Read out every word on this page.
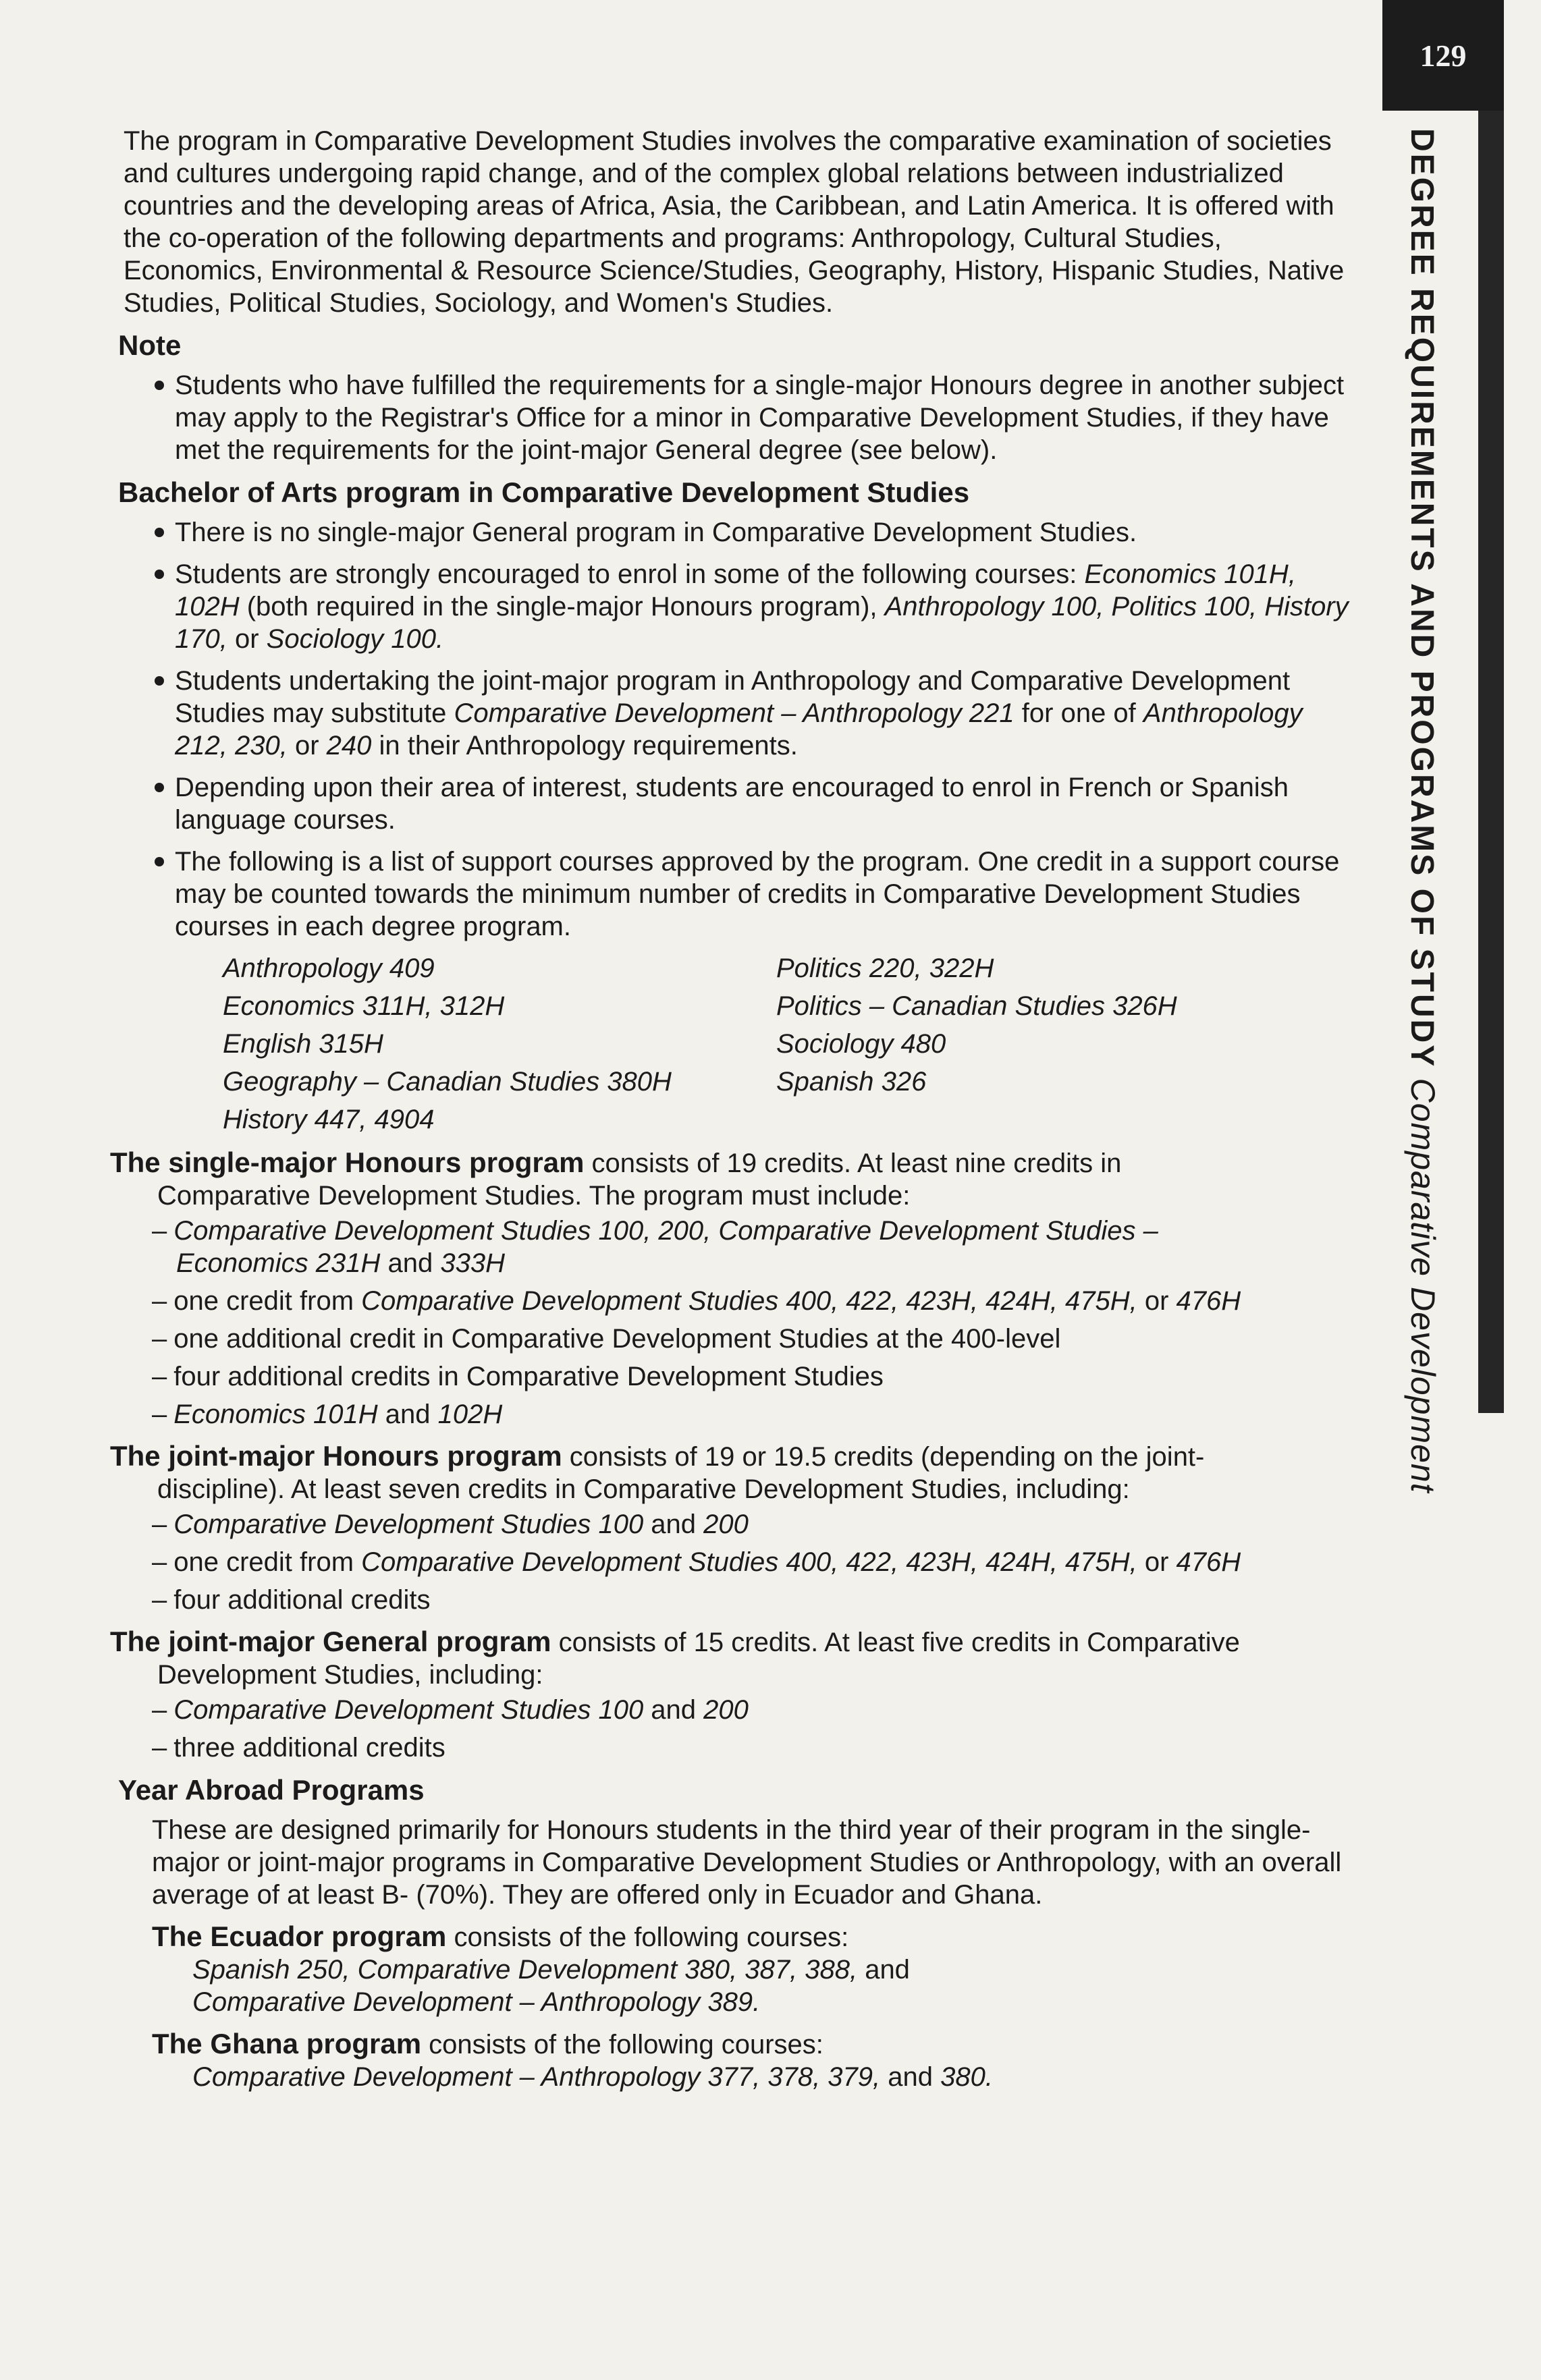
129
DEGREE REQUIREMENTS AND PROGRAMS OF STUDY Comparative Development

The program in Comparative Development Studies involves the comparative examination of societies and cultures undergoing rapid change, and of the complex global relations between industrialized countries and the developing areas of Africa, Asia, the Caribbean, and Latin America. It is offered with the co-operation of the following departments and programs: Anthropology, Cultural Studies, Economics, Environmental & Resource Science/Studies, Geography, History, Hispanic Studies, Native Studies, Political Studies, Sociology, and Women's Studies.

Note
Students who have fulfilled the requirements for a single-major Honours degree in another subject may apply to the Registrar's Office for a minor in Comparative Development Studies, if they have met the requirements for the joint-major General degree (see below).
Bachelor of Arts program in Comparative Development Studies
There is no single-major General program in Comparative Development Studies.
Students are strongly encouraged to enrol in some of the following courses: Economics 101H, 102H (both required in the single-major Honours program), Anthropology 100, Politics 100, History 170, or Sociology 100.
Students undertaking the joint-major program in Anthropology and Comparative Development Studies may substitute Comparative Development – Anthropology 221 for one of Anthropology 212, 230, or 240 in their Anthropology requirements.
Depending upon their area of interest, students are encouraged to enrol in French or Spanish language courses.
The following is a list of support courses approved by the program. One credit in a support course may be counted towards the minimum number of credits in Comparative Development Studies courses in each degree program.
Anthropology 409	Politics 220, 322H
Economics 311H, 312H	Politics – Canadian Studies 326H
English 315H	Sociology 480
Geography – Canadian Studies 380H	Spanish 326
History 447, 4904
The single-major Honours program consists of 19 credits. At least nine credits in
Comparative Development Studies. The program must include:
– Comparative Development Studies 100, 200, Comparative Development Studies –
Economics 231H and 333H
– one credit from Comparative Development Studies 400, 422, 423H, 424H, 475H, or 476H
– one additional credit in Comparative Development Studies at the 400-level
– four additional credits in Comparative Development Studies
– Economics 101H and 102H
The joint-major Honours program consists of 19 or 19.5 credits (depending on the joint-
discipline). At least seven credits in Comparative Development Studies, including:
– Comparative Development Studies 100 and 200
– one credit from Comparative Development Studies 400, 422, 423H, 424H, 475H, or 476H
– four additional credits
The joint-major General program consists of 15 credits. At least five credits in Comparative
Development Studies, including:
– Comparative Development Studies 100 and 200
– three additional credits
Year Abroad Programs

These are designed primarily for Honours students in the third year of their program in the single-major or joint-major programs in Comparative Development Studies or Anthropology, with an overall average of at least B- (70%). They are offered only in Ecuador and Ghana.

The Ecuador program consists of the following courses:
Spanish 250, Comparative Development 380, 387, 388, and
Comparative Development – Anthropology 389.
The Ghana program consists of the following courses:
Comparative Development – Anthropology 377, 378, 379, and 380.
